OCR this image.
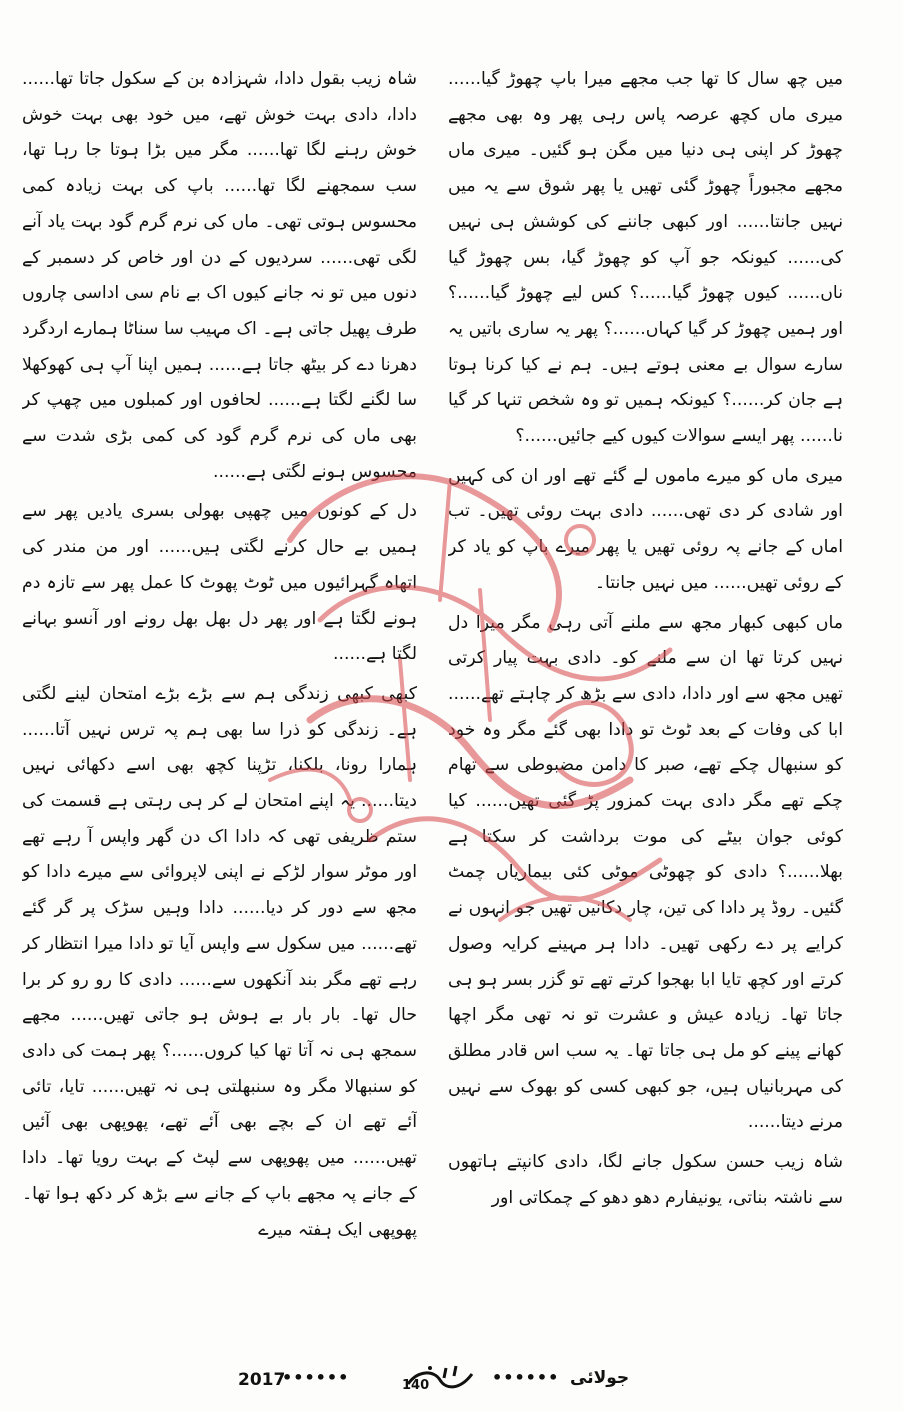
میں چھ سال کا تھا جب مجھے میرا باپ چھوڑ گیا...... میری ماں کچھ عرصہ پاس رہی پھر وہ بھی مجھے چھوڑ کر اپنی ہی دنیا میں مگن ہو گئیں۔ میری ماں مجھے مجبوراً چھوڑ گئی تھیں یا پھر شوق سے یہ میں نہیں جانتا...... اور کبھی جاننے کی کوشش ہی نہیں کی...... کیونکہ جو آپ کو چھوڑ گیا، بس چھوڑ گیا ناں...... کیوں چھوڑ گیا......؟ کس لیے چھوڑ گیا......؟ اور ہمیں چھوڑ کر گیا کہاں......؟ پھر یہ ساری باتیں یہ سارے سوال بے معنی ہوتے ہیں۔ ہم نے کیا کرنا ہوتا ہے جان کر......؟ کیونکہ ہمیں تو وہ شخص تنہا کر گیا نا...... پھر ایسے سوالات کیوں کیے جائیں......؟

میری ماں کو میرے ماموں لے گئے تھے اور ان کی کہیں اور شادی کر دی تھی...... دادی بہت روئی تھیں۔ تب اماں کے جانے پہ روئی تھیں یا پھر میرے باپ کو یاد کر کے روئی تھیں...... میں نہیں جانتا۔

ماں کبھی کبھار مجھ سے ملنے آتی رہی مگر میرا دل نہیں کرتا تھا ان سے ملنے کو۔ دادی بہت پیار کرتی تھیں مجھ سے اور دادا، دادی سے بڑھ کر چاہتے تھے...... ابا کی وفات کے بعد ٹوٹ تو دادا بھی گئے مگر وہ خود کو سنبھال چکے تھے، صبر کا دامن مضبوطی سے تھام چکے تھے مگر دادی بہت کمزور پڑ گئی تھیں...... کیا کوئی جوان بیٹے کی موت برداشت کر سکتا ہے بھلا......؟ دادی کو چھوٹی موٹی کئی بیماریاں چمٹ گئیں۔ روڈ پر دادا کی تین، چار دکانیں تھیں جو انہوں نے کرایے پر دے رکھی تھیں۔ دادا ہر مہینے کرایہ وصول کرتے اور کچھ تایا ابا بھجوا کرتے تھے تو گزر بسر ہو ہی جاتا تھا۔ زیادہ عیش و عشرت تو نہ تھی مگر اچھا کھانے پینے کو مل ہی جاتا تھا۔ یہ سب اس قادر مطلق کی مہربانیاں ہیں، جو کبھی کسی کو بھوک سے نہیں مرنے دیتا......

شاہ زیب حسن سکول جانے لگا، دادی کانپتے ہاتھوں سے ناشتہ بناتی، یونیفارم دھو دھو کے چمکاتی اور

شاہ زیب بقول دادا، شہزادہ بن کے سکول جاتا تھا...... دادا، دادی بہت خوش تھے، میں خود بھی بہت خوش خوش رہنے لگا تھا...... مگر میں بڑا ہوتا جا رہا تھا، سب سمجھنے لگا تھا...... باپ کی بہت زیادہ کمی محسوس ہوتی تھی۔ ماں کی نرم گرم گود بہت یاد آنے لگی تھی...... سردیوں کے دن اور خاص کر دسمبر کے دنوں میں تو نہ جانے کیوں اک بے نام سی اداسی چاروں طرف پھیل جاتی ہے۔ اک مہیب سا سناٹا ہمارے اردگرد دھرنا دے کر بیٹھ جاتا ہے...... ہمیں اپنا آپ ہی کھوکھلا سا لگنے لگتا ہے...... لحافوں اور کمبلوں میں چھپ کر بھی ماں کی نرم گرم گود کی کمی بڑی شدت سے محسوس ہونے لگتی ہے......

دل کے کونوں میں چھپی بھولی بسری یادیں پھر سے ہمیں بے حال کرنے لگتی ہیں...... اور من مندر کی اتھاہ گہرائیوں میں ٹوٹ پھوٹ کا عمل پھر سے تازہ دم ہونے لگتا ہے اور پھر دل بھل بھل رونے اور آنسو بہانے لگتا ہے......

کبھی کبھی زندگی ہم سے بڑے بڑے امتحان لینے لگتی ہے۔ زندگی کو ذرا سا بھی ہم پہ ترس نہیں آتا...... ہمارا رونا، بلکنا، تڑپنا کچھ بھی اسے دکھائی نہیں دیتا...... یہ اپنے امتحان لے کر ہی رہتی ہے قسمت کی ستم ظریفی تھی کہ دادا اک دن گھر واپس آ رہے تھے اور موٹر سوار لڑکے نے اپنی لاپروائی سے میرے دادا کو مجھ سے دور کر دیا...... دادا وہیں سڑک پر گر گئے تھے...... میں سکول سے واپس آیا تو دادا میرا انتظار کر رہے تھے مگر بند آنکھوں سے...... دادی کا رو رو کر برا حال تھا۔ بار بار بے ہوش ہو جاتی تھیں...... مجھے سمجھ ہی نہ آتا تھا کیا کروں......؟ پھر ہمت کی دادی کو سنبھالا مگر وہ سنبھلتی ہی نہ تھیں...... تایا، تائی آئے تھے ان کے بچے بھی آئے تھے، پھوپھی بھی آئیں تھیں...... میں پھوپھی سے لپٹ کے بہت رویا تھا۔ دادا کے جانے پہ مجھے باپ کے جانے سے بڑھ کر دکھ ہوا تھا۔ پھوپھی ایک ہفتہ میرے

2017
••••••	140	•••••• جولائی
